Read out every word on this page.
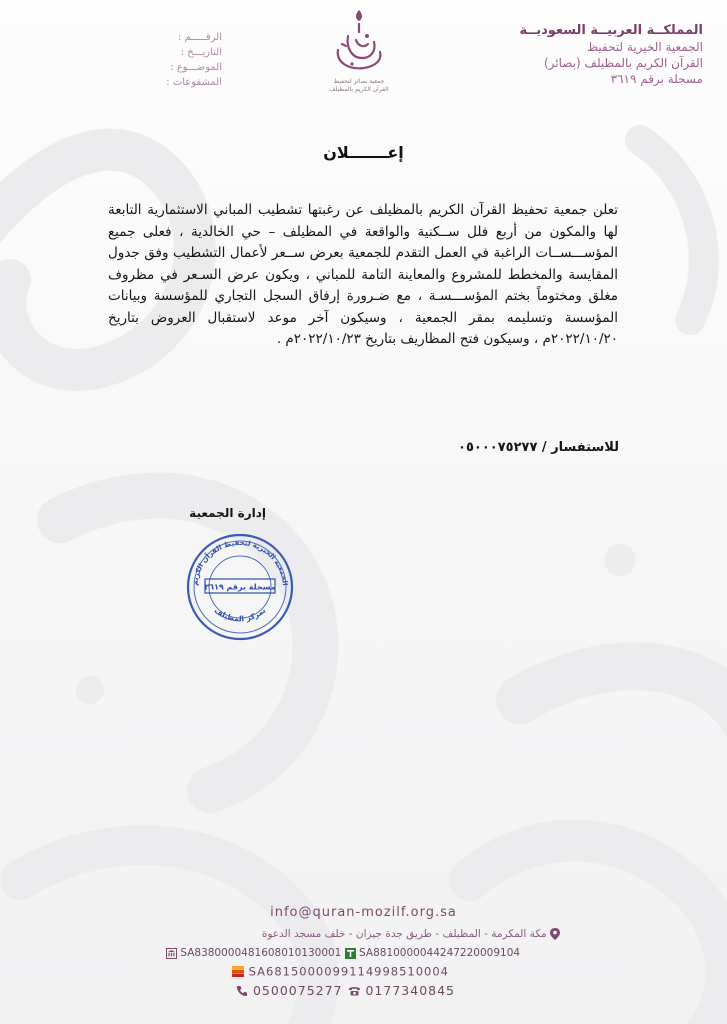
المملكــة العربيــة السعوديــة
الجمعية الخيرية لتحفيظ
القرآن الكريم بالمظيلف (بصائر)
مسجلة برقم ٣٦١٩
جمعية بصائر لتحفيظ
القرآن الكريم بالمظيلف
الرقـــــم :
التاريـــخ :
الموضـــوع :
المشفوعات :
إعـــــــلان
تعلن جمعية تحفيظ القرآن الكريم بالمظيلف عن رغبتها تشطيب المباني الاستثمارية التابعة لها والمكون من أربع فلل ســكنية والواقعة في المظيلف – حي الخالدية ، فعلى جميع المؤســـســات الراغبة في العمل التقدم للجمعية بعرض ســعر لأعمال التشطيب وفق جدول المقايسة والمخطط للمشروع والمعاينة التامة للمباني ، ويكون عرض السـعر في مظروف مغلق ومختوماً بختم المؤســـسـة ، مع ضـرورة إرفاق السجل التجاري للمؤسسة وبيانات المؤسسة وتسليمه بمقر الجمعية ، وسيكون آخر موعد لاستقبال العروض بتاريخ ٢٠٢٢/١٠/٢٠م ، وسيكون فتح المظاريف بتاريخ ٢٠٢٢/١٠/٢٣م .
للاستفسار / ٠٥٠٠٠٧٥٢٧٧
إدارة الجمعية
الجمعية الخيرية لتحفيظ القرآن الكريم
مسجلة برقم ٣٦١٩
بمركز المظيلف
info@quran-mozilf.org.sa
مكة المكرمة - المظيلف - طريق جدة جيزان - خلف مسجد الدعوة
SA8380000481608010130001 SA8810000044247220009104
SA6815000099114998510004
0500075277 0177340845
